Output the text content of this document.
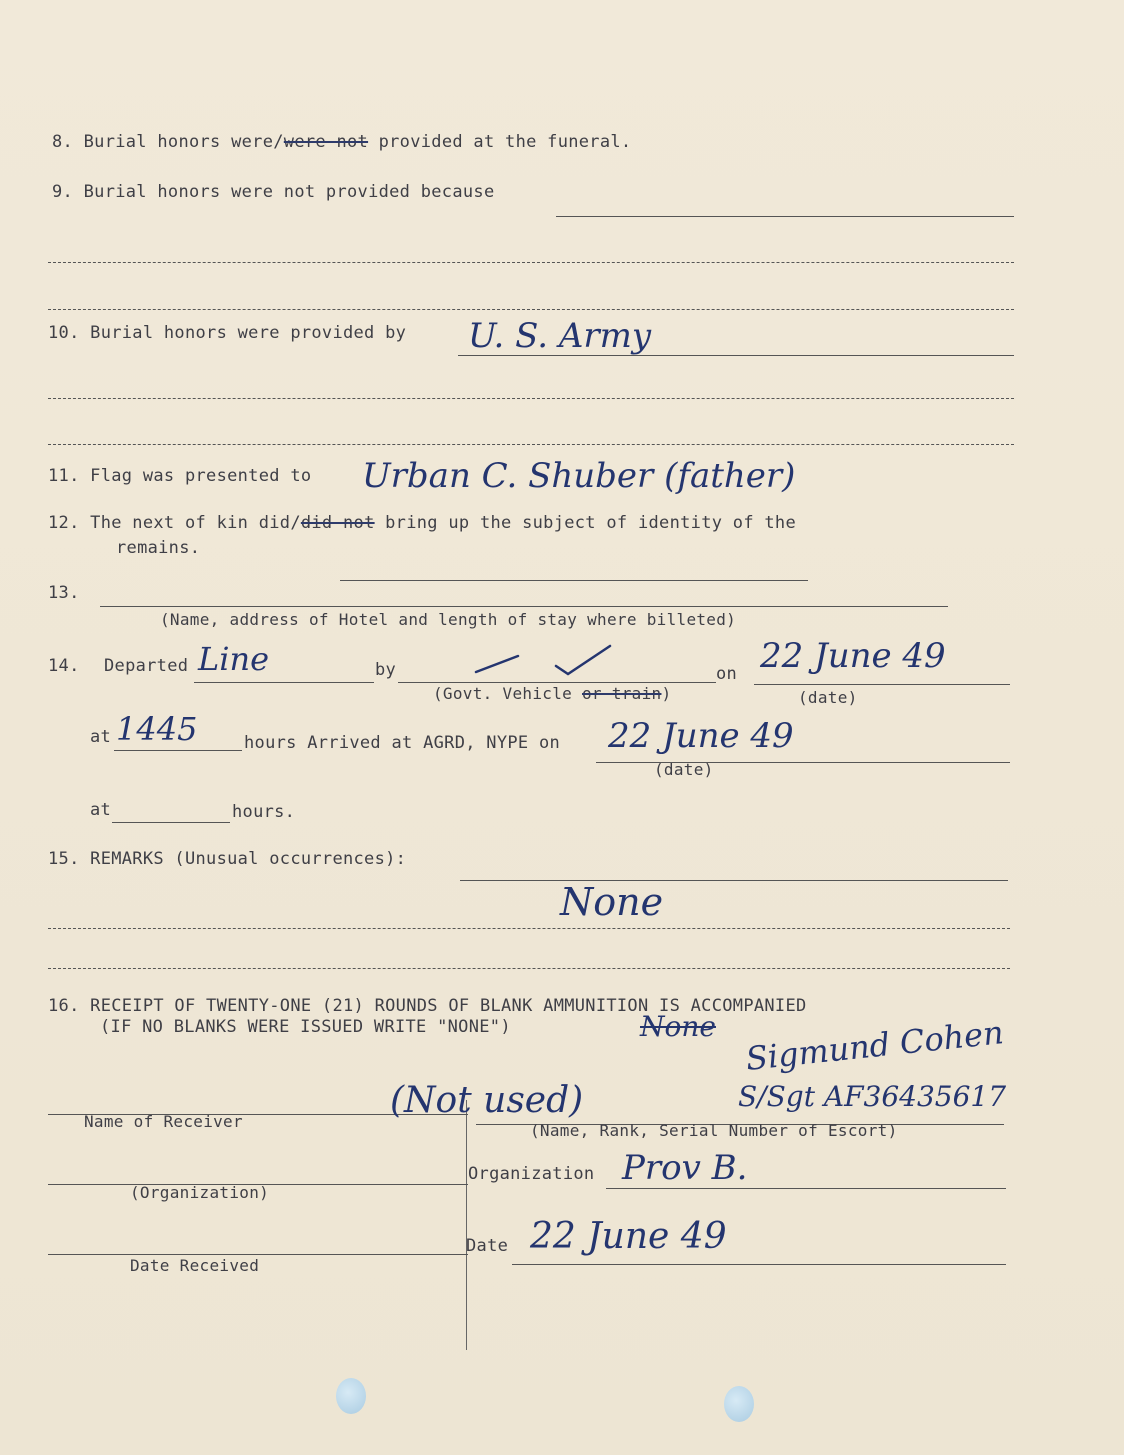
8. Burial honors were/were not provided at the funeral.
9. Burial honors were not provided because
10. Burial honors were provided by U. S. Army
11. Flag was presented to Urban C. Shuber (father)
12. The next of kin did/did not bring up the subject of identity of the
remains.
13.
(Name, address of Hotel and length of stay where billeted)
14. Departed Line	by
(Govt. Vehicle or train)
on 22 June 49
(date)
at 1445	hours Arrived at AGRD, NYPE on 22 June 49
(date)
at	hours.
15. REMARKS (Unusual occurrences):
None
16. RECEIPT OF TWENTY-ONE (21) ROUNDS OF BLANK AMMUNITION IS ACCOMPANIED
(IF NO BLANKS WERE ISSUED WRITE "NONE")	None
Name of Receiver
(Organization)
Date Received
(Not used)
Sigmund Cohen
S/Sgt AF36435617
(Name, Rank, Serial Number of Escort)
Organization Prov B.
Date 22 June 49
